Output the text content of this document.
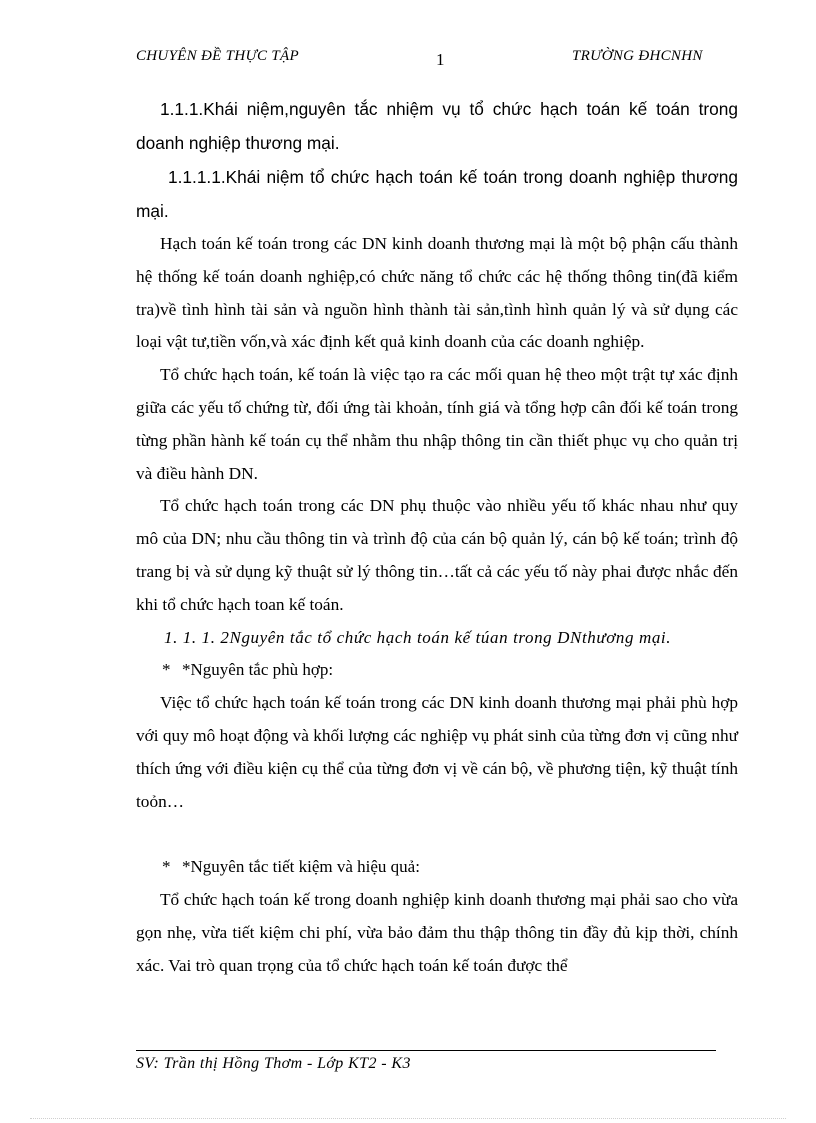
CHUYÊN ĐỀ THỰC TẬP	1	TRƯỜNG ĐHCNHN

1.1.1.Khái niệm,nguyên tắc nhiệm vụ tổ chức hạch toán kế toán trong doanh nghiệp thương mại.

1.1.1.1.Khái niệm tổ chức hạch toán kế toán trong doanh nghiệp thương mại.

Hạch toán kế toán trong các DN kinh doanh thương mại là một bộ phận cấu thành hệ thống kế toán doanh nghiệp,có chức năng tổ chức các hệ thống thông tin(đã kiểm tra)về tình hình tài sản và nguồn hình thành tài sản,tình hình quản lý và sử dụng các loại vật tư,tiền vốn,và xác định kết quả kinh doanh của các doanh nghiệp.

Tổ chức hạch toán, kế toán là việc tạo ra các mối quan hệ theo một trật tự xác định giữa các yếu tố chứng từ, đối ứng tài khoản, tính giá và tổng hợp cân đối kế toán trong từng phần hành kế toán cụ thể nhằm thu nhập thông tin cần thiết phục vụ cho quản trị và điều hành DN.

Tổ chức hạch toán trong các DN phụ thuộc vào nhiều yếu tố khác nhau như quy mô của DN; nhu cầu thông tin và trình độ của cán bộ quản lý, cán bộ kế toán; trình độ trang bị và sử dụng kỹ thuật sử lý thông tin…tất cả các yếu tố này phai được nhắc đến khi tổ chức hạch toan kế toán.

1. 1. 1. 2Nguyên tắc tổ chức hạch toán kế túan trong DNthương mại.

* *Nguyên tắc phù hợp:

Việc tổ chức hạch toán kế toán trong các DN kinh doanh thương mại phải phù hợp với quy mô hoạt động và khối lượng các nghiệp vụ phát sinh của từng đơn vị cũng như thích ứng với điều kiện cụ thể của từng đơn vị về cán bộ, về phương tiện, kỹ thuật tính toỏn…

* *Nguyên tắc tiết kiệm và hiệu quả:

Tổ chức hạch toán kế trong doanh nghiệp kinh doanh thương mại phải sao cho vừa gọn nhẹ, vừa tiết kiệm chi phí, vừa bảo đảm thu thập thông tin đầy đủ kịp thời, chính xác. Vai trò quan trọng của tổ chức hạch toán kế toán được thể

SV: Trần thị Hồng Thơm - Lớp KT2 - K3
